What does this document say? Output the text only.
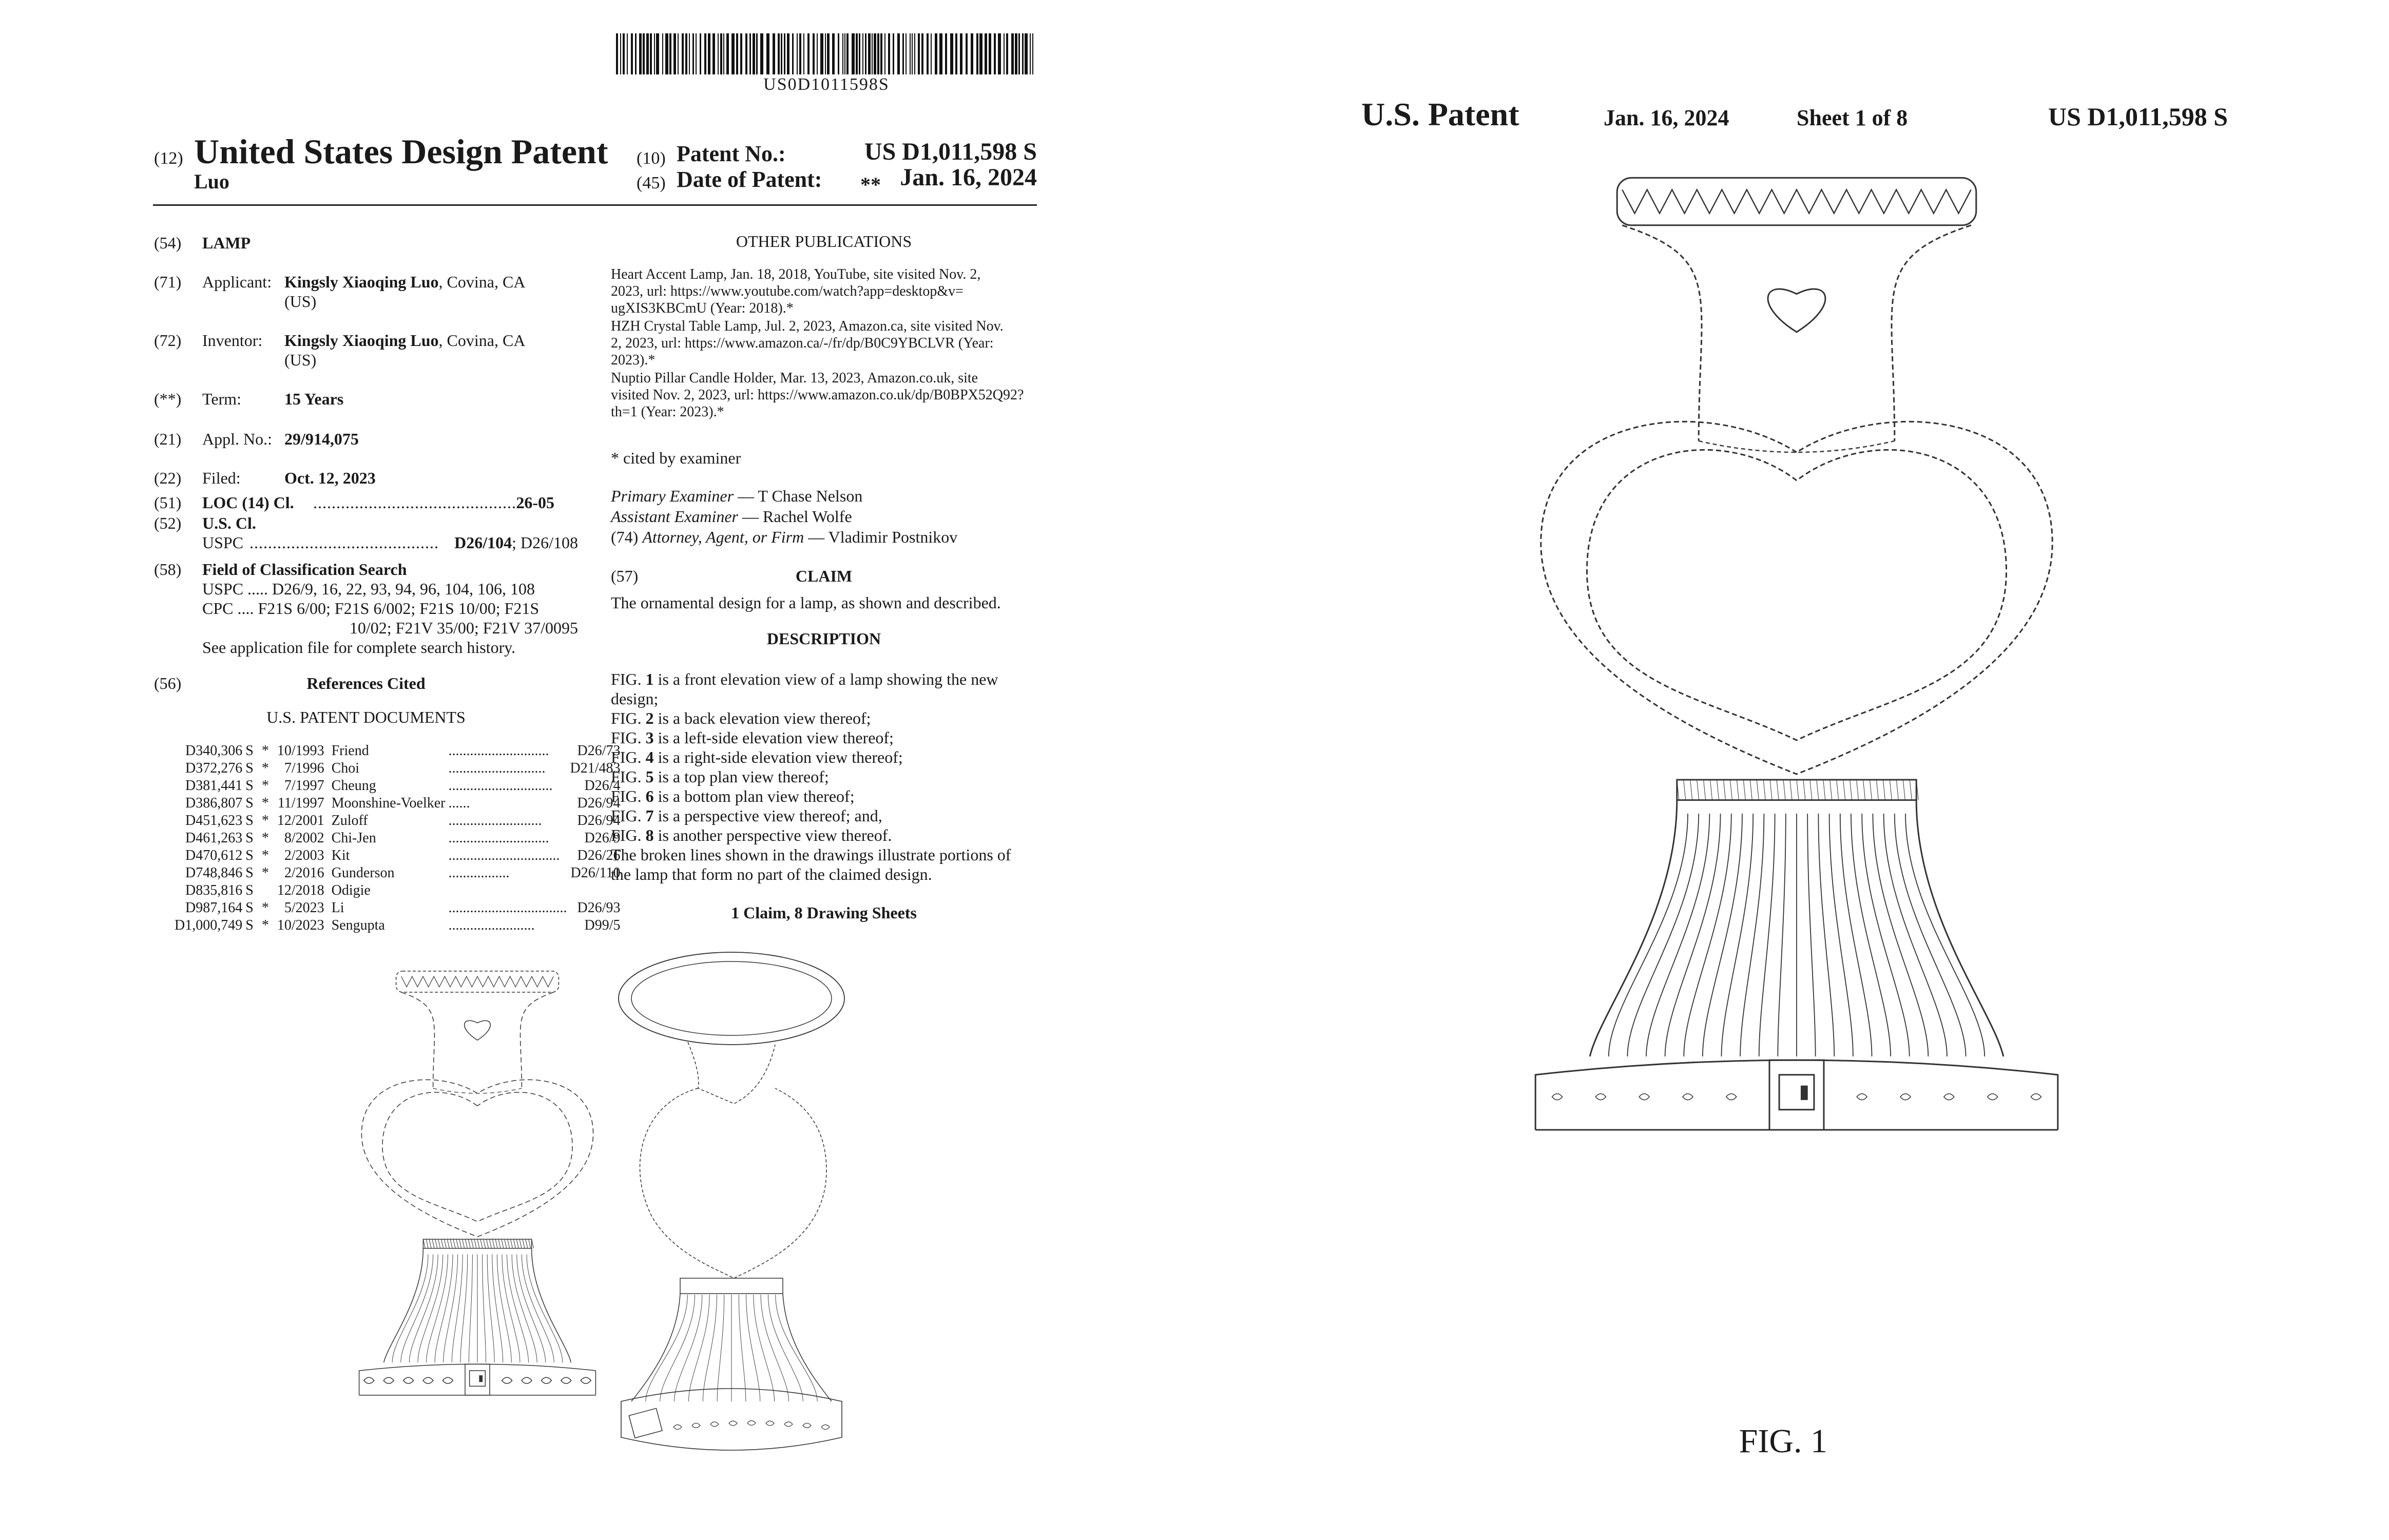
US0D1011598S
(12) United States Design Patent (10) Patent No.:	US D1,011,598 S
Luo	(45) Date of Patent: ** Jan. 16, 2024
(54) LAMP
(71) Applicant: Kingsly Xiaoqing Luo, Covina, CA
(US)
(72) Inventor: Kingsly Xiaoqing Luo, Covina, CA
(US)
(**) Term:	15 Years
(21) Appl. No.: 29/914,075
(22) Filed:	Oct. 12, 2023
(51) LOC (14) Cl. ..............................................
26-05
(52) U.S. Cl.
USPC ......................................... D26/104; D26/108
(58) Field of Classification Search
USPC ..... D26/9, 16, 22, 93, 94, 96, 104, 106, 108
CPC .... F21S 6/00; F21S 6/002; F21S 10/00; F21S
10/02; F21V 35/00; F21V 37/0095
See application file for complete search history.
(56)	References Cited
U.S. PATENT DOCUMENTS
D340,306	S	*	10/1993	Friend	............................	D26/73
D372,276	S	*	7/1996	Choi	...........................	D21/483
D381,441	S	*	7/1997	Cheung	.............................	D26/4
D386,807	S	*	11/1997	Moonshine-Voelker	......	D26/94
D451,623	S	*	12/2001	Zuloff	..........................	D26/94
D461,263	S	*	8/2002	Chi-Jen	............................	D26/9
D470,612	S	*	2/2003	Kit	...............................	D26/26
D748,846	S	*	2/2016	Gunderson	.................	D26/110
D835,816	S		12/2018	Odigie		
D987,164	S	*	5/2023	Li	.................................	D26/93
D1,000,749	S	*	10/2023	Sengupta	........................	D99/5
OTHER PUBLICATIONS
Heart Accent Lamp, Jan. 18, 2018, YouTube, site visited Nov. 2,
2023, url: https://www.youtube.com/watch?app=desktop&v=
ugXIS3KBCmU (Year: 2018).*
HZH Crystal Table Lamp, Jul. 2, 2023, Amazon.ca, site visited Nov.
2, 2023, url: https://www.amazon.ca/-/fr/dp/B0C9YBCLVR (Year:
2023).*
Nuptio Pillar Candle Holder, Mar. 13, 2023, Amazon.co.uk, site
visited Nov. 2, 2023, url: https://www.amazon.co.uk/dp/B0BPX52Q92?
th=1 (Year: 2023).*
* cited by examiner
Primary Examiner — T Chase Nelson
Assistant Examiner — Rachel Wolfe
(74) Attorney, Agent, or Firm — Vladimir Postnikov
(57)	CLAIM
The ornamental design for a lamp, as shown and described.
DESCRIPTION
FIG. 1 is a front elevation view of a lamp showing the new
design;
FIG. 2 is a back elevation view thereof;
FIG. 3 is a left-side elevation view thereof;
FIG. 4 is a right-side elevation view thereof;
FIG. 5 is a top plan view thereof;
FIG. 6 is a bottom plan view thereof;
FIG. 7 is a perspective view thereof; and,
FIG. 8 is another perspective view thereof.
The broken lines shown in the drawings illustrate portions of
the lamp that form no part of the claimed design.
1 Claim, 8 Drawing Sheets
U.S. Patent	Jan. 16, 2024	Sheet 1 of 8	US D1,011,598 S
FIG. 1
